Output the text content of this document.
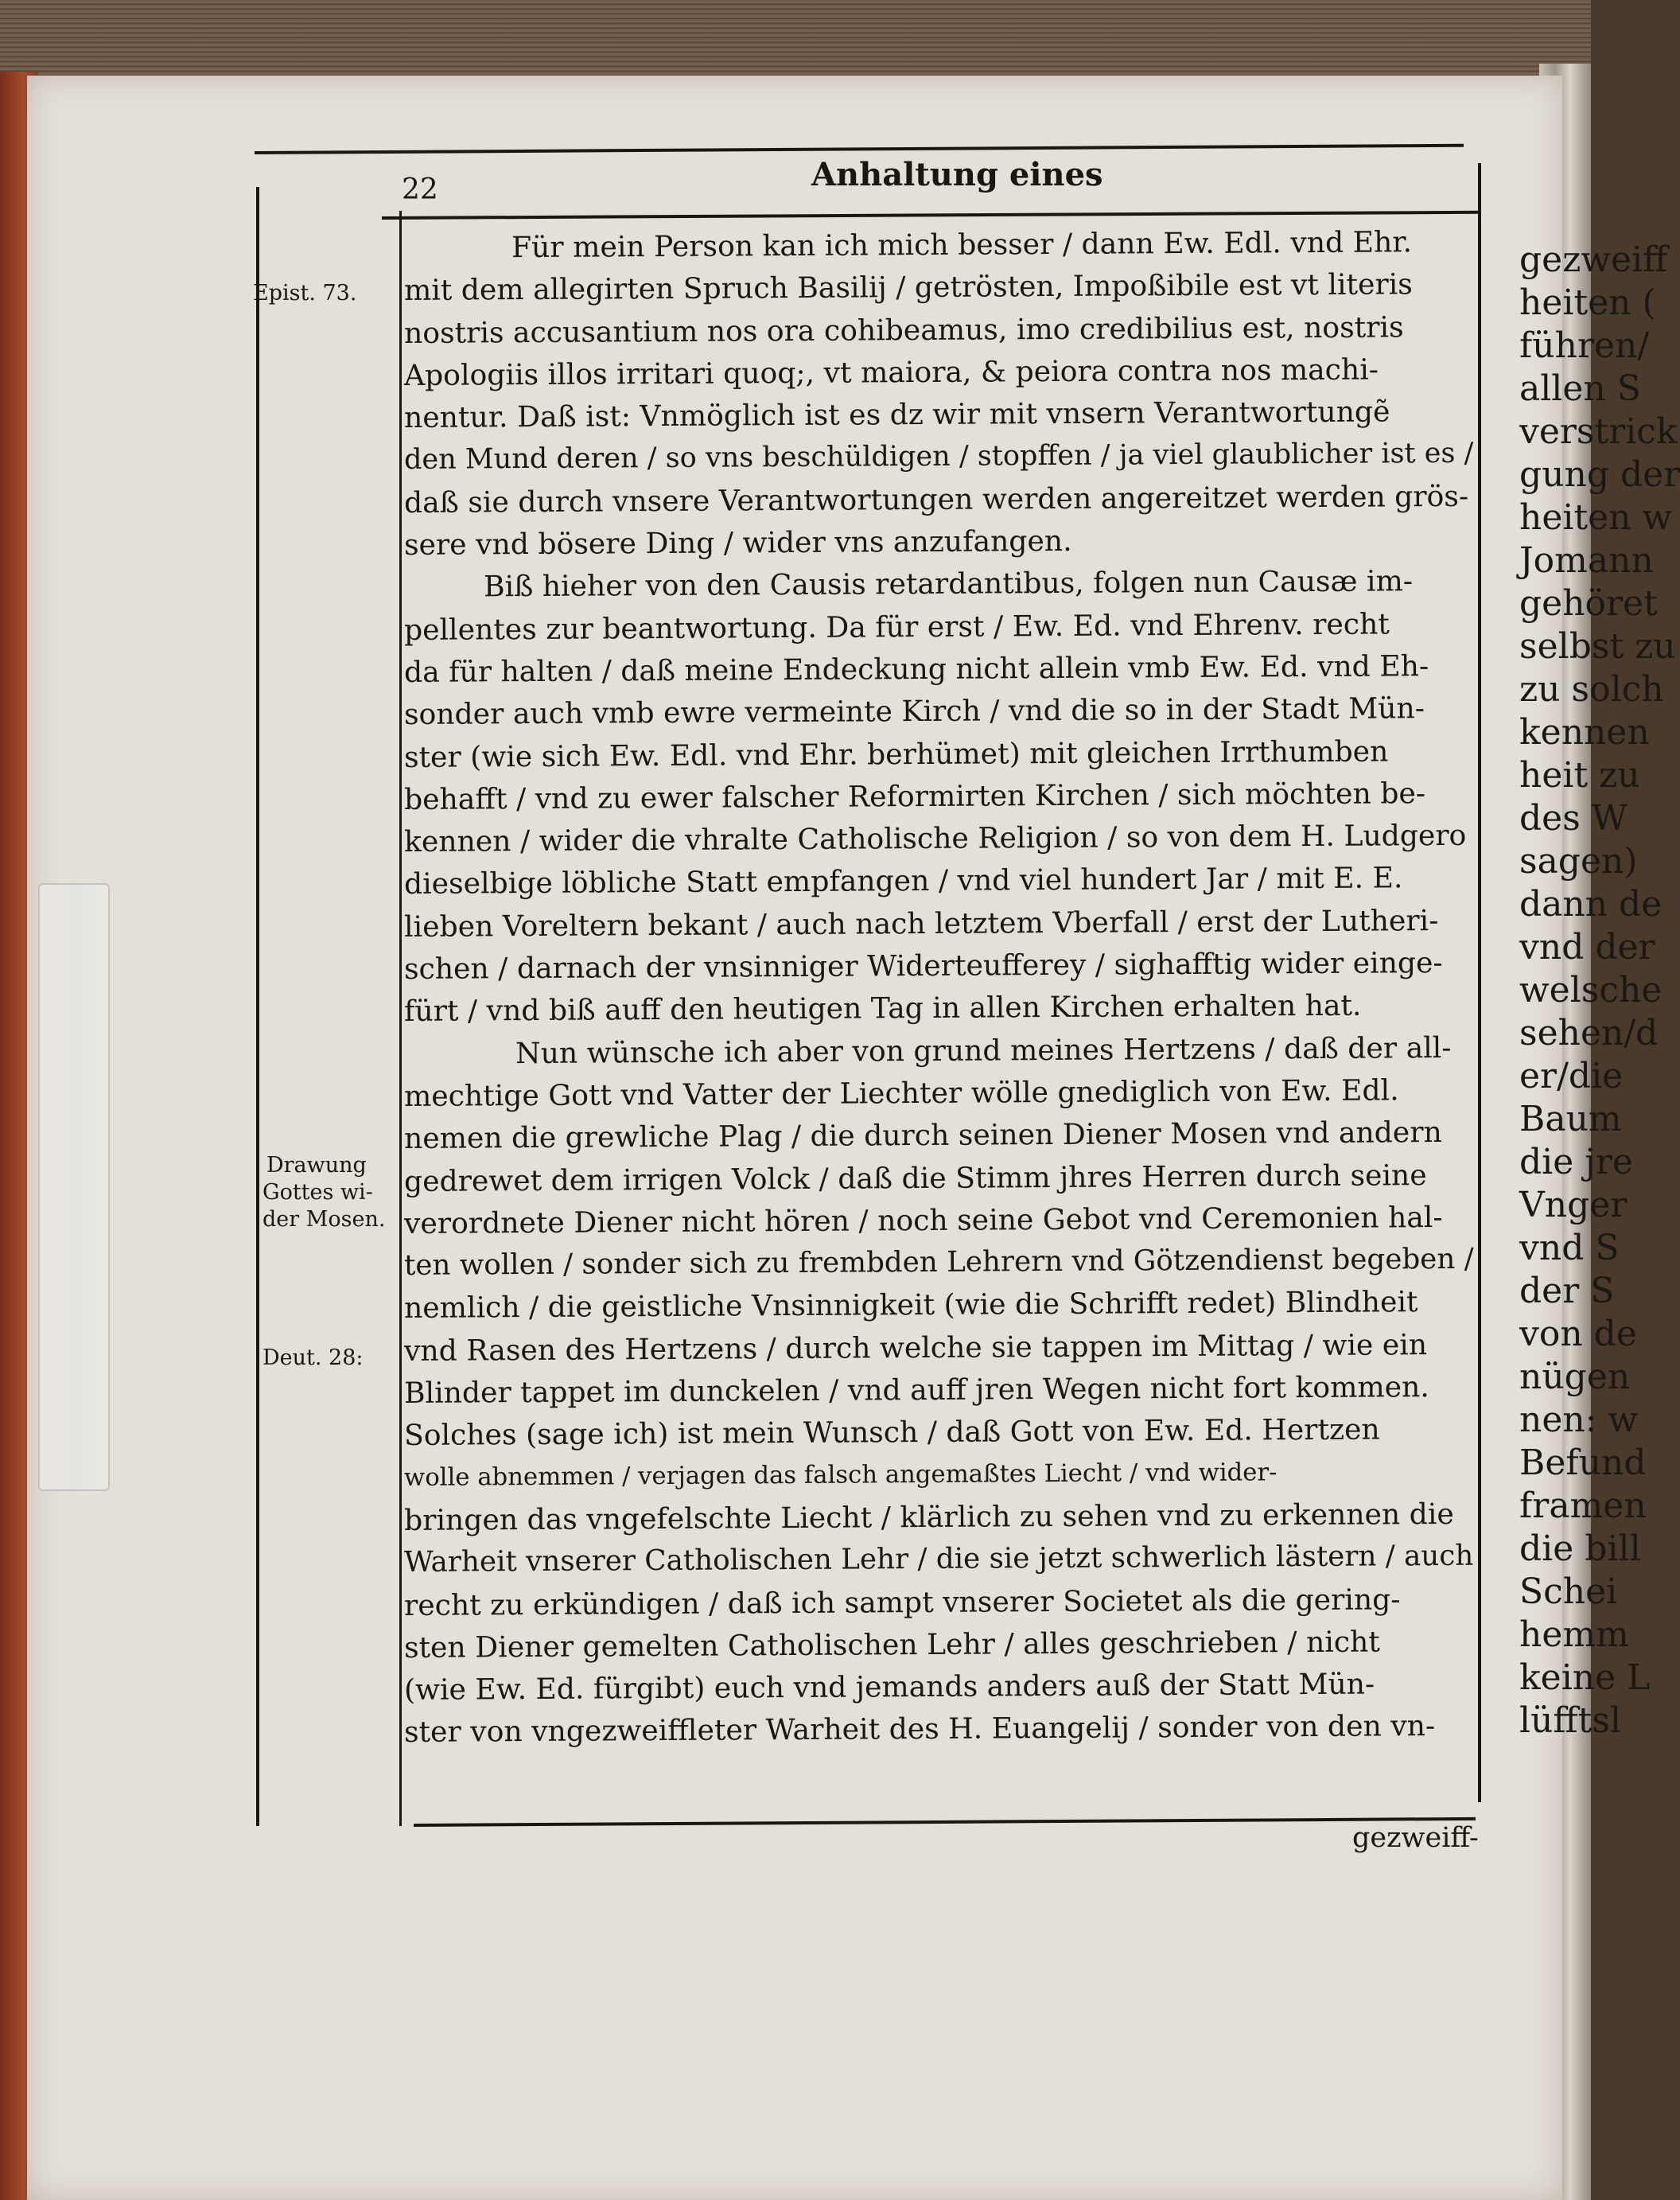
22	Anhaltung eines
Epist. 73.
Drawung
Gottes wi-
der Mosen.
Deut. 28:
Für mein Person kan ich mich besser / dann Ew. Edl. vnd Ehr.
mit dem allegirten Spruch Basilij / getrösten, Impoßibile est vt literis
nostris accusantium nos ora cohibeamus, imo credibilius est, nostris
Apologiis illos irritari quoq;, vt maiora, & peiora contra nos machi-
nentur. Daß ist: Vnmöglich ist es dz wir mit vnsern Verantwortungẽ
den Mund deren / so vns beschüldigen / stopffen / ja viel glaublicher ist es /
daß sie durch vnsere Verantwortungen werden angereitzet werden grös-
sere vnd bösere Ding / wider vns anzufangen.
Biß hieher von den Causis retardantibus, folgen nun Causæ im-
pellentes zur beantwortung. Da für erst / Ew. Ed. vnd Ehrenv. recht
da für halten / daß meine Endeckung nicht allein vmb Ew. Ed. vnd Eh-
sonder auch vmb ewre vermeinte Kirch / vnd die so in der Stadt Mün-
ster (wie sich Ew. Edl. vnd Ehr. berhümet) mit gleichen Irrthumben
behafft / vnd zu ewer falscher Reformirten Kirchen / sich möchten be-
kennen / wider die vhralte Catholische Religion / so von dem H. Ludgero
dieselbige löbliche Statt empfangen / vnd viel hundert Jar / mit E. E.
lieben Voreltern bekant / auch nach letztem Vberfall / erst der Lutheri-
schen / darnach der vnsinniger Widerteufferey / sighafftig wider einge-
fürt / vnd biß auff den heutigen Tag in allen Kirchen erhalten hat.
Nun wünsche ich aber von grund meines Hertzens / daß der all-
mechtige Gott vnd Vatter der Liechter wölle gnediglich von Ew. Edl.
nemen die grewliche Plag / die durch seinen Diener Mosen vnd andern
gedrewet dem irrigen Volck / daß die Stimm jhres Herren durch seine
verordnete Diener nicht hören / noch seine Gebot vnd Ceremonien hal-
ten wollen / sonder sich zu frembden Lehrern vnd Götzendienst begeben /
nemlich / die geistliche Vnsinnigkeit (wie die Schrifft redet) Blindheit
vnd Rasen des Hertzens / durch welche sie tappen im Mittag / wie ein
Blinder tappet im dunckelen / vnd auff jren Wegen nicht fort kommen.
Solches (sage ich) ist mein Wunsch / daß Gott von Ew. Ed. Hertzen
wolle abnemmen / verjagen das falsch angemaßtes Liecht / vnd wider-
bringen das vngefelschte Liecht / klärlich zu sehen vnd zu erkennen die
Warheit vnserer Catholischen Lehr / die sie jetzt schwerlich lästern / auch
recht zu erkündigen / daß ich sampt vnserer Societet als die gering-
sten Diener gemelten Catholischen Lehr / alles geschrieben / nicht
(wie Ew. Ed. fürgibt) euch vnd jemands anders auß der Statt Mün-
ster von vngezweiffleter Warheit des H. Euangelij / sonder von den vn-
gezweiff-
gezweiff
heiten (
führen/
allen S
verstrick
gung der
heiten w
Jomann
gehöret
selbst zu
zu solch
kennen
heit zu
des W
sagen)
dann de
vnd der
welsche
sehen/d
er/die
Baum
die jre
Vnger
vnd S
der S
von de
nügen
nen: w
Befund
framen
die bill
Schei
hemm
keine L
lüfftsl
